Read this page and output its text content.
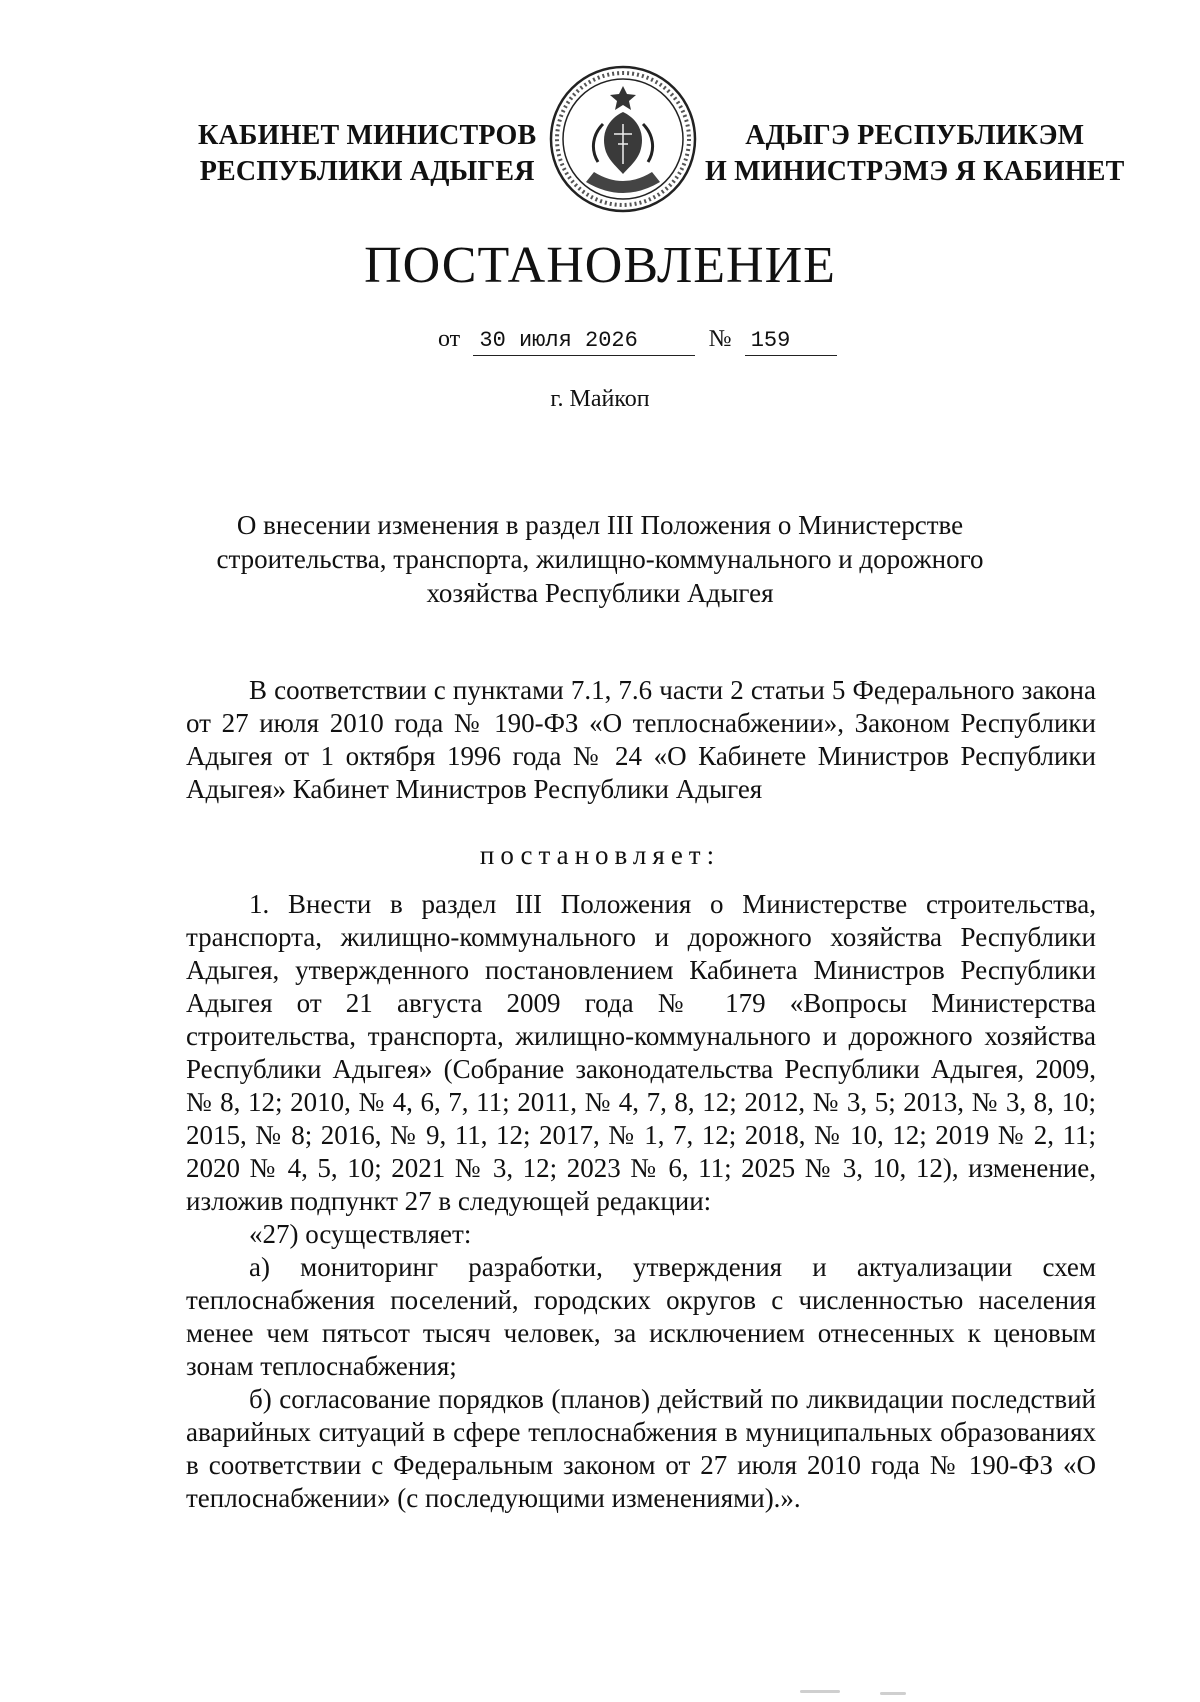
КАБИНЕТ МИНИСТРОВ
РЕСПУБЛИКИ АДЫГЕЯ
АДЫГЭ РЕСПУБЛИКЭМ
И МИНИСТРЭМЭ Я КАБИНЕТ
ПОСТАНОВЛЕНИЕ
от 30 июля 2026	№ 159
г. Майкоп
О внесении изменения в раздел III Положения о Министерстве
строительства, транспорта, жилищно-коммунального и дорожного
хозяйства Республики Адыгея

В соответствии с пунктами 7.1, 7.6 части 2 статьи 5 Федерального закона от 27 июля 2010 года № 190-ФЗ «О теплоснабжении», Законом Республики Адыгея от 1 октября 1996 года № 24 «О Кабинете Министров Республики Адыгея» Кабинет Министров Республики Адыгея

постановляет:

1. Внести в раздел III Положения о Министерстве строительства, транспорта, жилищно-коммунального и дорожного хозяйства Республики Адыгея, утвержденного постановлением Кабинета Министров Республики Адыгея от 21 августа 2009 года № 179 «Вопросы Министерства строительства, транспорта, жилищно-коммунального и дорожного хозяйства Республики Адыгея» (Собрание законодательства Республики Адыгея, 2009, № 8, 12; 2010, № 4, 6, 7, 11; 2011, № 4, 7, 8, 12; 2012, № 3, 5; 2013, № 3, 8, 10; 2015, № 8; 2016, № 9, 11, 12; 2017, № 1, 7, 12; 2018, № 10, 12; 2019 № 2, 11; 2020 № 4, 5, 10; 2021 № 3, 12; 2023 № 6, 11; 2025 № 3, 10, 12), изменение, изложив подпункт 27 в следующей редакции:

«27) осуществляет:

а) мониторинг разработки, утверждения и актуализации схем теплоснабжения поселений, городских округов с численностью населения менее чем пятьсот тысяч человек, за исключением отнесенных к ценовым зонам теплоснабжения;

б) согласование порядков (планов) действий по ликвидации последствий аварийных ситуаций в сфере теплоснабжения в муниципальных образованиях в соответствии с Федеральным законом от 27 июля 2010 года № 190-ФЗ «О теплоснабжении» (с последующими изменениями).».
